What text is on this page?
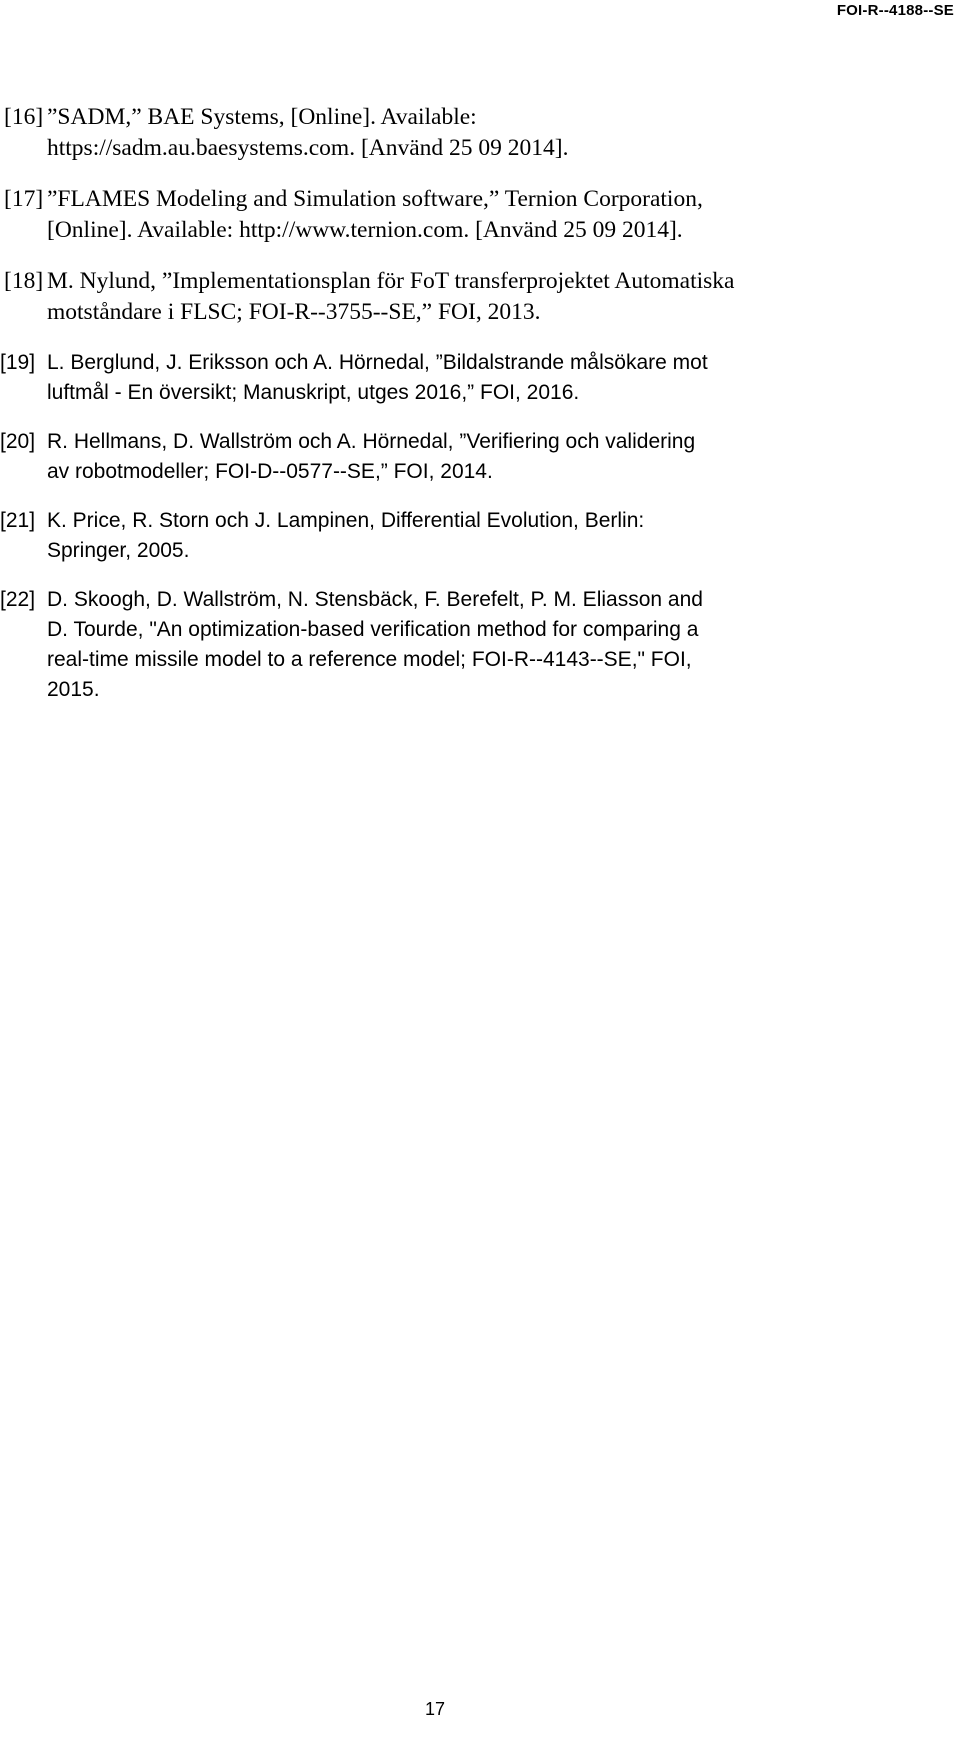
FOI-R--4188--SE
[16] ”SADM,” BAE Systems, [Online]. Available:
https://sadm.au.baesystems.com. [Använd 25 09 2014].
[17] ”FLAMES Modeling and Simulation software,” Ternion Corporation,
[Online]. Available: http://www.ternion.com. [Använd 25 09 2014].
[18] M. Nylund, ”Implementationsplan för FoT transferprojektet Automatiska
motståndare i FLSC; FOI-R--3755--SE,” FOI, 2013.
[19] L. Berglund, J. Eriksson och A. Hörnedal, ”Bildalstrande målsökare mot
luftmål - En översikt; Manuskript, utges 2016,” FOI, 2016.
[20] R. Hellmans, D. Wallström och A. Hörnedal, ”Verifiering och validering
av robotmodeller; FOI-D--0577--SE,” FOI, 2014.
[21] K. Price, R. Storn och J. Lampinen, Differential Evolution, Berlin:
Springer, 2005.
[22] D. Skoogh, D. Wallström, N. Stensbäck, F. Berefelt, P. M. Eliasson and
D. Tourde, "An optimization-based verification method for comparing a
real-time missile model to a reference model; FOI-R--4143--SE," FOI,
2015.
17
